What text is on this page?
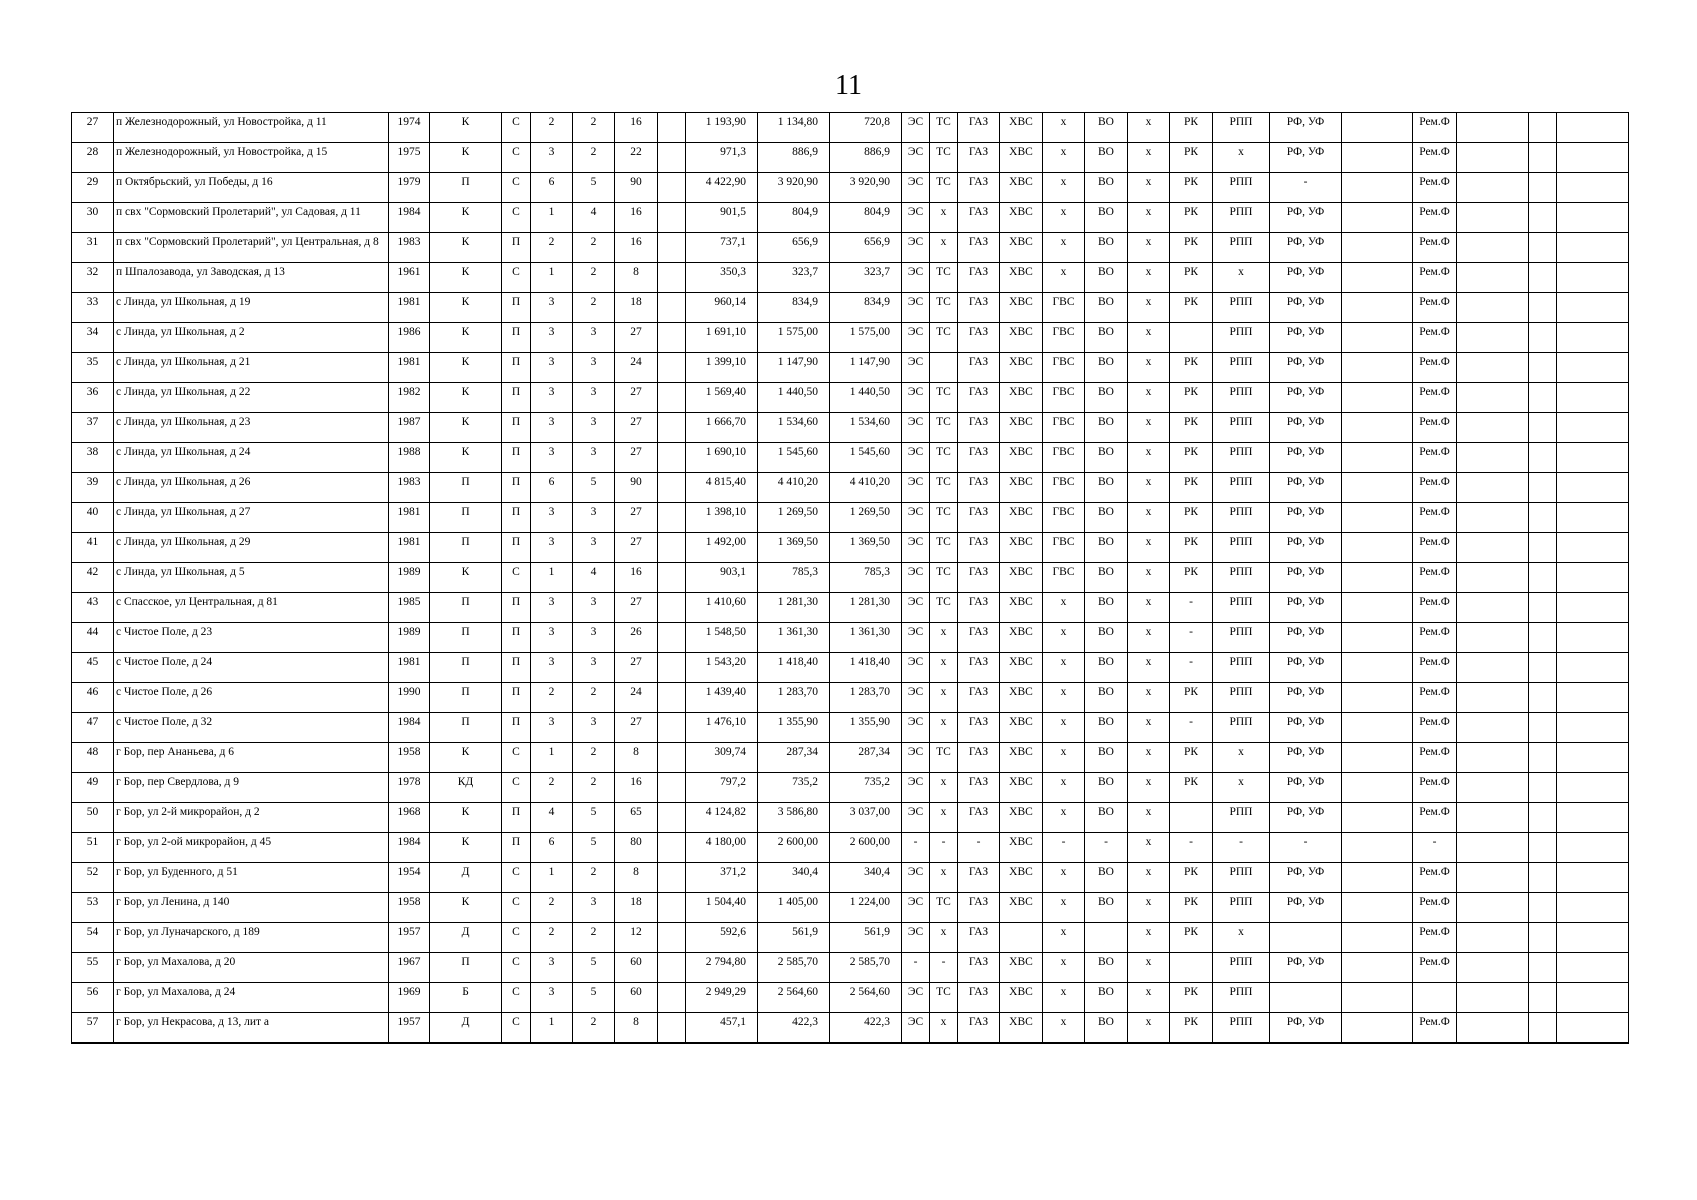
11
27	п Железнодорожный, ул Новостройка, д 11	1974	К	С	2	2	16		1 193,90	1 134,80	720,8	ЭС	ТС	ГАЗ	ХВС	х	ВО	х	РК	РПП	РФ, УФ		Рем.Ф			
28	п Железнодорожный, ул Новостройка, д 15	1975	К	С	3	2	22		971,3	886,9	886,9	ЭС	ТС	ГАЗ	ХВС	х	ВО	х	РК	х	РФ, УФ		Рем.Ф			
29	п Октябрьский, ул Победы, д 16	1979	П	С	6	5	90		4 422,90	3 920,90	3 920,90	ЭС	ТС	ГАЗ	ХВС	х	ВО	х	РК	РПП	-		Рем.Ф			
30	п свх "Сормовский Пролетарий", ул Садовая, д 11	1984	К	С	1	4	16		901,5	804,9	804,9	ЭС	х	ГАЗ	ХВС	х	ВО	х	РК	РПП	РФ, УФ		Рем.Ф			
31	п свх "Сормовский Пролетарий", ул Центральная, д 8	1983	К	П	2	2	16		737,1	656,9	656,9	ЭС	х	ГАЗ	ХВС	х	ВО	х	РК	РПП	РФ, УФ		Рем.Ф			
32	п Шпалозавода, ул Заводская, д 13	1961	К	С	1	2	8		350,3	323,7	323,7	ЭС	ТС	ГАЗ	ХВС	х	ВО	х	РК	х	РФ, УФ		Рем.Ф			
33	с Линда, ул Школьная, д 19	1981	К	П	3	2	18		960,14	834,9	834,9	ЭС	ТС	ГАЗ	ХВС	ГВС	ВО	х	РК	РПП	РФ, УФ		Рем.Ф			
34	с Линда, ул Школьная, д 2	1986	К	П	3	3	27		1 691,10	1 575,00	1 575,00	ЭС	ТС	ГАЗ	ХВС	ГВС	ВО	х		РПП	РФ, УФ		Рем.Ф			
35	с Линда, ул Школьная, д 21	1981	К	П	3	3	24		1 399,10	1 147,90	1 147,90	ЭС		ГАЗ	ХВС	ГВС	ВО	х	РК	РПП	РФ, УФ		Рем.Ф			
36	с Линда, ул Школьная, д 22	1982	К	П	3	3	27		1 569,40	1 440,50	1 440,50	ЭС	ТС	ГАЗ	ХВС	ГВС	ВО	х	РК	РПП	РФ, УФ		Рем.Ф			
37	с Линда, ул Школьная, д 23	1987	К	П	3	3	27		1 666,70	1 534,60	1 534,60	ЭС	ТС	ГАЗ	ХВС	ГВС	ВО	х	РК	РПП	РФ, УФ		Рем.Ф			
38	с Линда, ул Школьная, д 24	1988	К	П	3	3	27		1 690,10	1 545,60	1 545,60	ЭС	ТС	ГАЗ	ХВС	ГВС	ВО	х	РК	РПП	РФ, УФ		Рем.Ф			
39	с Линда, ул Школьная, д 26	1983	П	П	6	5	90		4 815,40	4 410,20	4 410,20	ЭС	ТС	ГАЗ	ХВС	ГВС	ВО	х	РК	РПП	РФ, УФ		Рем.Ф			
40	с Линда, ул Школьная, д 27	1981	П	П	3	3	27		1 398,10	1 269,50	1 269,50	ЭС	ТС	ГАЗ	ХВС	ГВС	ВО	х	РК	РПП	РФ, УФ		Рем.Ф			
41	с Линда, ул Школьная, д 29	1981	П	П	3	3	27		1 492,00	1 369,50	1 369,50	ЭС	ТС	ГАЗ	ХВС	ГВС	ВО	х	РК	РПП	РФ, УФ		Рем.Ф			
42	с Линда, ул Школьная, д 5	1989	К	С	1	4	16		903,1	785,3	785,3	ЭС	ТС	ГАЗ	ХВС	ГВС	ВО	х	РК	РПП	РФ, УФ		Рем.Ф			
43	с Спасское, ул Центральная, д 81	1985	П	П	3	3	27		1 410,60	1 281,30	1 281,30	ЭС	ТС	ГАЗ	ХВС	х	ВО	х	-	РПП	РФ, УФ		Рем.Ф			
44	с Чистое Поле, д 23	1989	П	П	3	3	26		1 548,50	1 361,30	1 361,30	ЭС	х	ГАЗ	ХВС	х	ВО	х	-	РПП	РФ, УФ		Рем.Ф			
45	с Чистое Поле, д 24	1981	П	П	3	3	27		1 543,20	1 418,40	1 418,40	ЭС	х	ГАЗ	ХВС	х	ВО	х	-	РПП	РФ, УФ		Рем.Ф			
46	с Чистое Поле, д 26	1990	П	П	2	2	24		1 439,40	1 283,70	1 283,70	ЭС	х	ГАЗ	ХВС	х	ВО	х	РК	РПП	РФ, УФ		Рем.Ф			
47	с Чистое Поле, д 32	1984	П	П	3	3	27		1 476,10	1 355,90	1 355,90	ЭС	х	ГАЗ	ХВС	х	ВО	х	-	РПП	РФ, УФ		Рем.Ф			
48	г Бор, пер Ананьева, д 6	1958	К	С	1	2	8		309,74	287,34	287,34	ЭС	ТС	ГАЗ	ХВС	х	ВО	х	РК	х	РФ, УФ		Рем.Ф			
49	г Бор, пер Свердлова, д 9	1978	КД	С	2	2	16		797,2	735,2	735,2	ЭС	х	ГАЗ	ХВС	х	ВО	х	РК	х	РФ, УФ		Рем.Ф			
50	г Бор, ул 2-й микрорайон, д 2	1968	К	П	4	5	65		4 124,82	3 586,80	3 037,00	ЭС	х	ГАЗ	ХВС	х	ВО	х		РПП	РФ, УФ		Рем.Ф			
51	г Бор, ул 2-ой микрорайон, д 45	1984	К	П	6	5	80		4 180,00	2 600,00	2 600,00	-	-	-	ХВС	-	-	х	-	-	-		-			
52	г Бор, ул Буденного, д 51	1954	Д	С	1	2	8		371,2	340,4	340,4	ЭС	х	ГАЗ	ХВС	х	ВО	х	РК	РПП	РФ, УФ		Рем.Ф			
53	г Бор, ул Ленина, д 140	1958	К	С	2	3	18		1 504,40	1 405,00	1 224,00	ЭС	ТС	ГАЗ	ХВС	х	ВО	х	РК	РПП	РФ, УФ		Рем.Ф			
54	г Бор, ул Луначарского, д 189	1957	Д	С	2	2	12		592,6	561,9	561,9	ЭС	х	ГАЗ		х		х	РК	х			Рем.Ф			
55	г Бор, ул Махалова, д 20	1967	П	С	3	5	60		2 794,80	2 585,70	2 585,70	-	-	ГАЗ	ХВС	х	ВО	х		РПП	РФ, УФ		Рем.Ф			
56	г Бор, ул Махалова, д 24	1969	Б	С	3	5	60		2 949,29	2 564,60	2 564,60	ЭС	ТС	ГАЗ	ХВС	х	ВО	х	РК	РПП						
57	г Бор, ул Некрасова, д 13, лит а	1957	Д	С	1	2	8		457,1	422,3	422,3	ЭС	х	ГАЗ	ХВС	х	ВО	х	РК	РПП	РФ, УФ		Рем.Ф			
